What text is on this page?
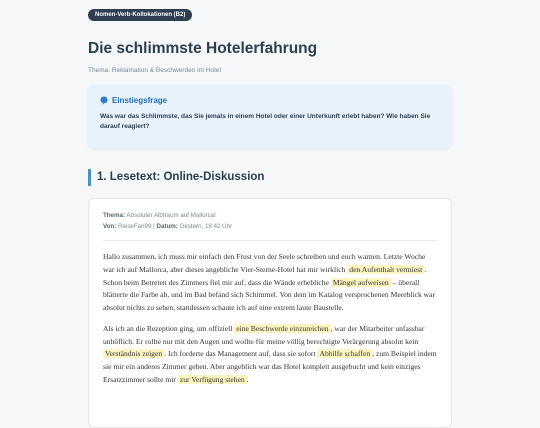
Nomen-Verb-Kollokationen (B2)
Die schlimmste Hotelerfahrung
Thema: Reklamation & Beschwerden im Hotel
Einstiegsfrage
Was war das Schlimmste, das Sie jemals in einem Hotel oder einer Unterkunft erlebt haben? Wie haben Sie darauf reagiert?
1. Lesetext: Online-Diskussion
Thema: Absoluter Albtraum auf Mallorca!
Von: ReiseFan99 | Datum: Gestern, 18:42 Uhr

Hallo zusammen, ich muss mir einfach den Frust von der Seele schreiben und euch warnen. Letzte Woche war ich auf Mallorca, aber dieses angebliche Vier-Sterne-Hotel hat mir wirklich den Aufenthalt vermiest . Schon beim Betreten des Zimmers fiel mir auf, dass die Wände erhebliche Mängel aufweisen – überall blätterte die Farbe ab, und im Bad befand sich Schimmel. Von dem im Katalog versprochenen Meerblick war absolut nichts zu sehen, stattdessen schaute ich auf eine extrem laute Baustelle.

Als ich an die Rezeption ging, um offiziell eine Beschwerde einzureichen , war der Mitarbeiter unfassbar unhöflich. Er rollte nur mit den Augen und wollte für meine völlig berechtigte Verärgerung absolut kein Verständnis zeigen . Ich forderte das Management auf, dass sie sofort Abhilfe schaffen , zum Beispiel indem sie mir ein anderes Zimmer geben. Aber angeblich war das Hotel komplett ausgebucht und kein einziges Ersatzzimmer sollte mir zur Verfügung stehen .
